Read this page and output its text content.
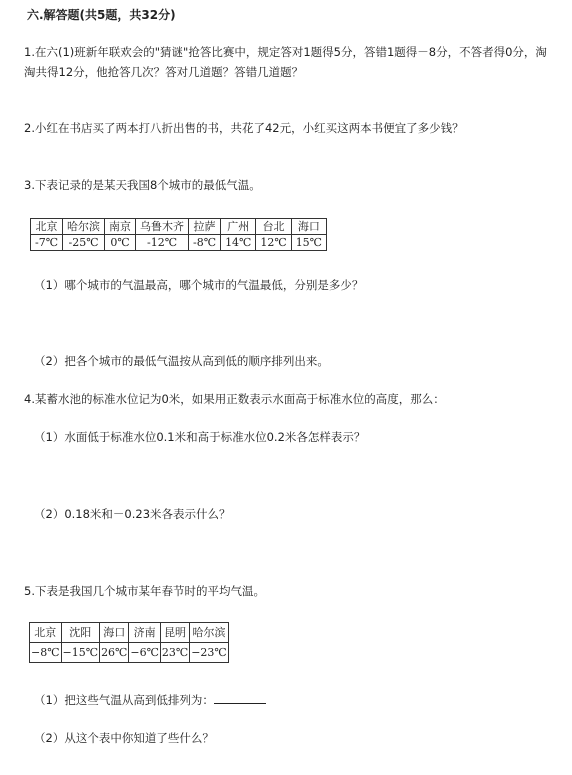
六.解答题(共5题，共32分)
1.在六(1)班新年联欢会的"猜谜"抢答比赛中，规定答对1题得5分，答错1题得－8分，不答者得0分，淘
淘共得12分，他抢答几次？答对几道题？答错几道题？
2.小红在书店买了两本打八折出售的书，共花了42元，小红买这两本书便宜了多少钱？
3.下表记录的是某天我国8个城市的最低气温。
北京	哈尔滨	南京	乌鲁木齐	拉萨	广州	台北	海口
-7℃	-25℃	0℃	-12℃	-8℃	14℃	12℃	15℃
（1）哪个城市的气温最高，哪个城市的气温最低，分别是多少？
（2）把各个城市的最低气温按从高到低的顺序排列出来。
4.某蓄水池的标准水位记为0米，如果用正数表示水面高于标准水位的高度，那么：
（1）水面低于标准水位0.1米和高于标准水位0.2米各怎样表示？
（2）0.18米和－0.23米各表示什么？
5.下表是我国几个城市某年春节时的平均气温。
北京	沈阳	海口	济南	昆明	哈尔滨
−8℃	−15℃	26℃	−6℃	23℃	−23℃
（1）把这些气温从高到低排列为：
（2）从这个表中你知道了些什么？
